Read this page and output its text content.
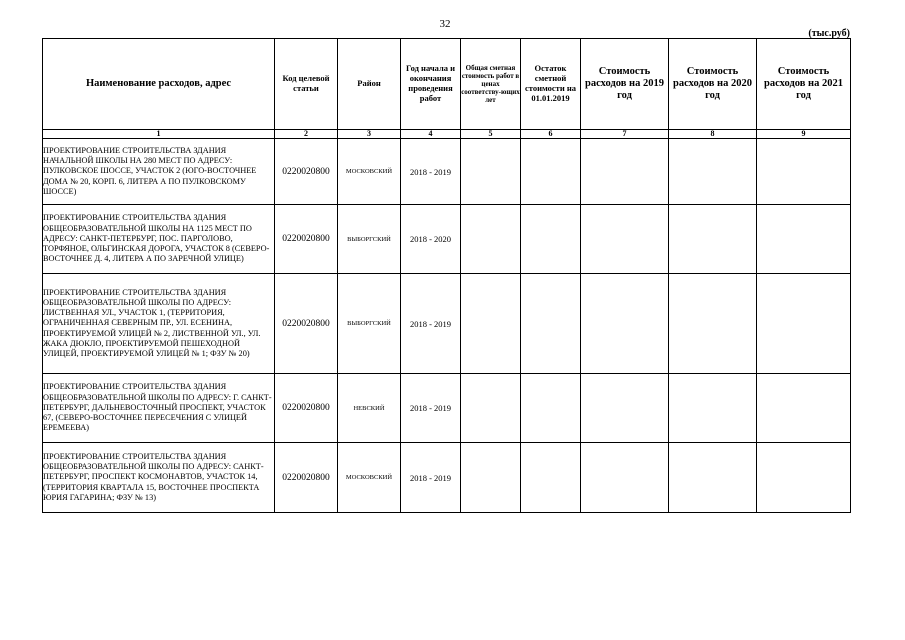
32
(тыс.руб)
Наименование расходов, адрес	Код целевой статьи	Район	Год начала и окончания проведения работ	Общая сметная стоимость работ в ценах соответству-ющих лет	Остаток сметной стоимости на 01.01.2019	Стоимость расходов на 2019 год	Стоимость расходов на 2020 год	Стоимость расходов на 2021 год
1	2	3	4	5	6	7	8	9
ПРОЕКТИРОВАНИЕ СТРОИТЕЛЬСТВА ЗДАНИЯ НАЧАЛЬНОЙ ШКОЛЫ НА 280 МЕСТ ПО АДРЕСУ: ПУЛКОВСКОЕ ШОССЕ, УЧАСТОК 2 (ЮГО-ВОСТОЧНЕЕ ДОМА № 20, КОРП. 6, ЛИТЕРА А ПО ПУЛКОВСКОМУ ШОССЕ)	0220020800	МОСКОВСКИЙ	2018 - 2019					
ПРОЕКТИРОВАНИЕ СТРОИТЕЛЬСТВА ЗДАНИЯ ОБЩЕОБРАЗОВАТЕЛЬНОЙ ШКОЛЫ НА 1125 МЕСТ ПО АДРЕСУ: САНКТ-ПЕТЕРБУРГ, ПОС. ПАРГОЛОВО, ТОРФЯНОЕ, ОЛЬГИНСКАЯ ДОРОГА, УЧАСТОК 8 (СЕВЕРО-ВОСТОЧНЕЕ Д. 4, ЛИТЕРА А ПО ЗАРЕЧНОЙ УЛИЦЕ)	0220020800	ВЫБОРГСКИЙ	2018 - 2020					
ПРОЕКТИРОВАНИЕ СТРОИТЕЛЬСТВА ЗДАНИЯ ОБЩЕОБРАЗОВАТЕЛЬНОЙ ШКОЛЫ ПО АДРЕСУ: ЛИСТВЕННАЯ УЛ., УЧАСТОК 1, (ТЕРРИТОРИЯ, ОГРАНИЧЕННАЯ СЕВЕРНЫМ ПР., УЛ. ЕСЕНИНА, ПРОЕКТИРУЕМОЙ УЛИЦЕЙ № 2, ЛИСТВЕННОЙ УЛ., УЛ. ЖАКА ДЮКЛО, ПРОЕКТИРУЕМОЙ ПЕШЕХОДНОЙ УЛИЦЕЙ, ПРОЕКТИРУЕМОЙ УЛИЦЕЙ № 1; ФЗУ № 20)	0220020800	ВЫБОРГСКИЙ	2018 - 2019					
ПРОЕКТИРОВАНИЕ СТРОИТЕЛЬСТВА ЗДАНИЯ ОБЩЕОБРАЗОВАТЕЛЬНОЙ ШКОЛЫ ПО АДРЕСУ: Г. САНКТ-ПЕТЕРБУРГ, ДАЛЬНЕВОСТОЧНЫЙ ПРОСПЕКТ, УЧАСТОК 67, (СЕВЕРО-ВОСТОЧНЕЕ ПЕРЕСЕЧЕНИЯ С УЛИЦЕЙ ЕРЕМЕЕВА)	0220020800	НЕВСКИЙ	2018 - 2019					
ПРОЕКТИРОВАНИЕ СТРОИТЕЛЬСТВА ЗДАНИЯ ОБЩЕОБРАЗОВАТЕЛЬНОЙ ШКОЛЫ ПО АДРЕСУ: САНКТ-ПЕТЕРБУРГ, ПРОСПЕКТ КОСМОНАВТОВ, УЧАСТОК 14, (ТЕРРИТОРИЯ КВАРТАЛА 15, ВОСТОЧНЕЕ ПРОСПЕКТА ЮРИЯ ГАГАРИНА; ФЗУ № 13)	0220020800	МОСКОВСКИЙ	2018 - 2019					
